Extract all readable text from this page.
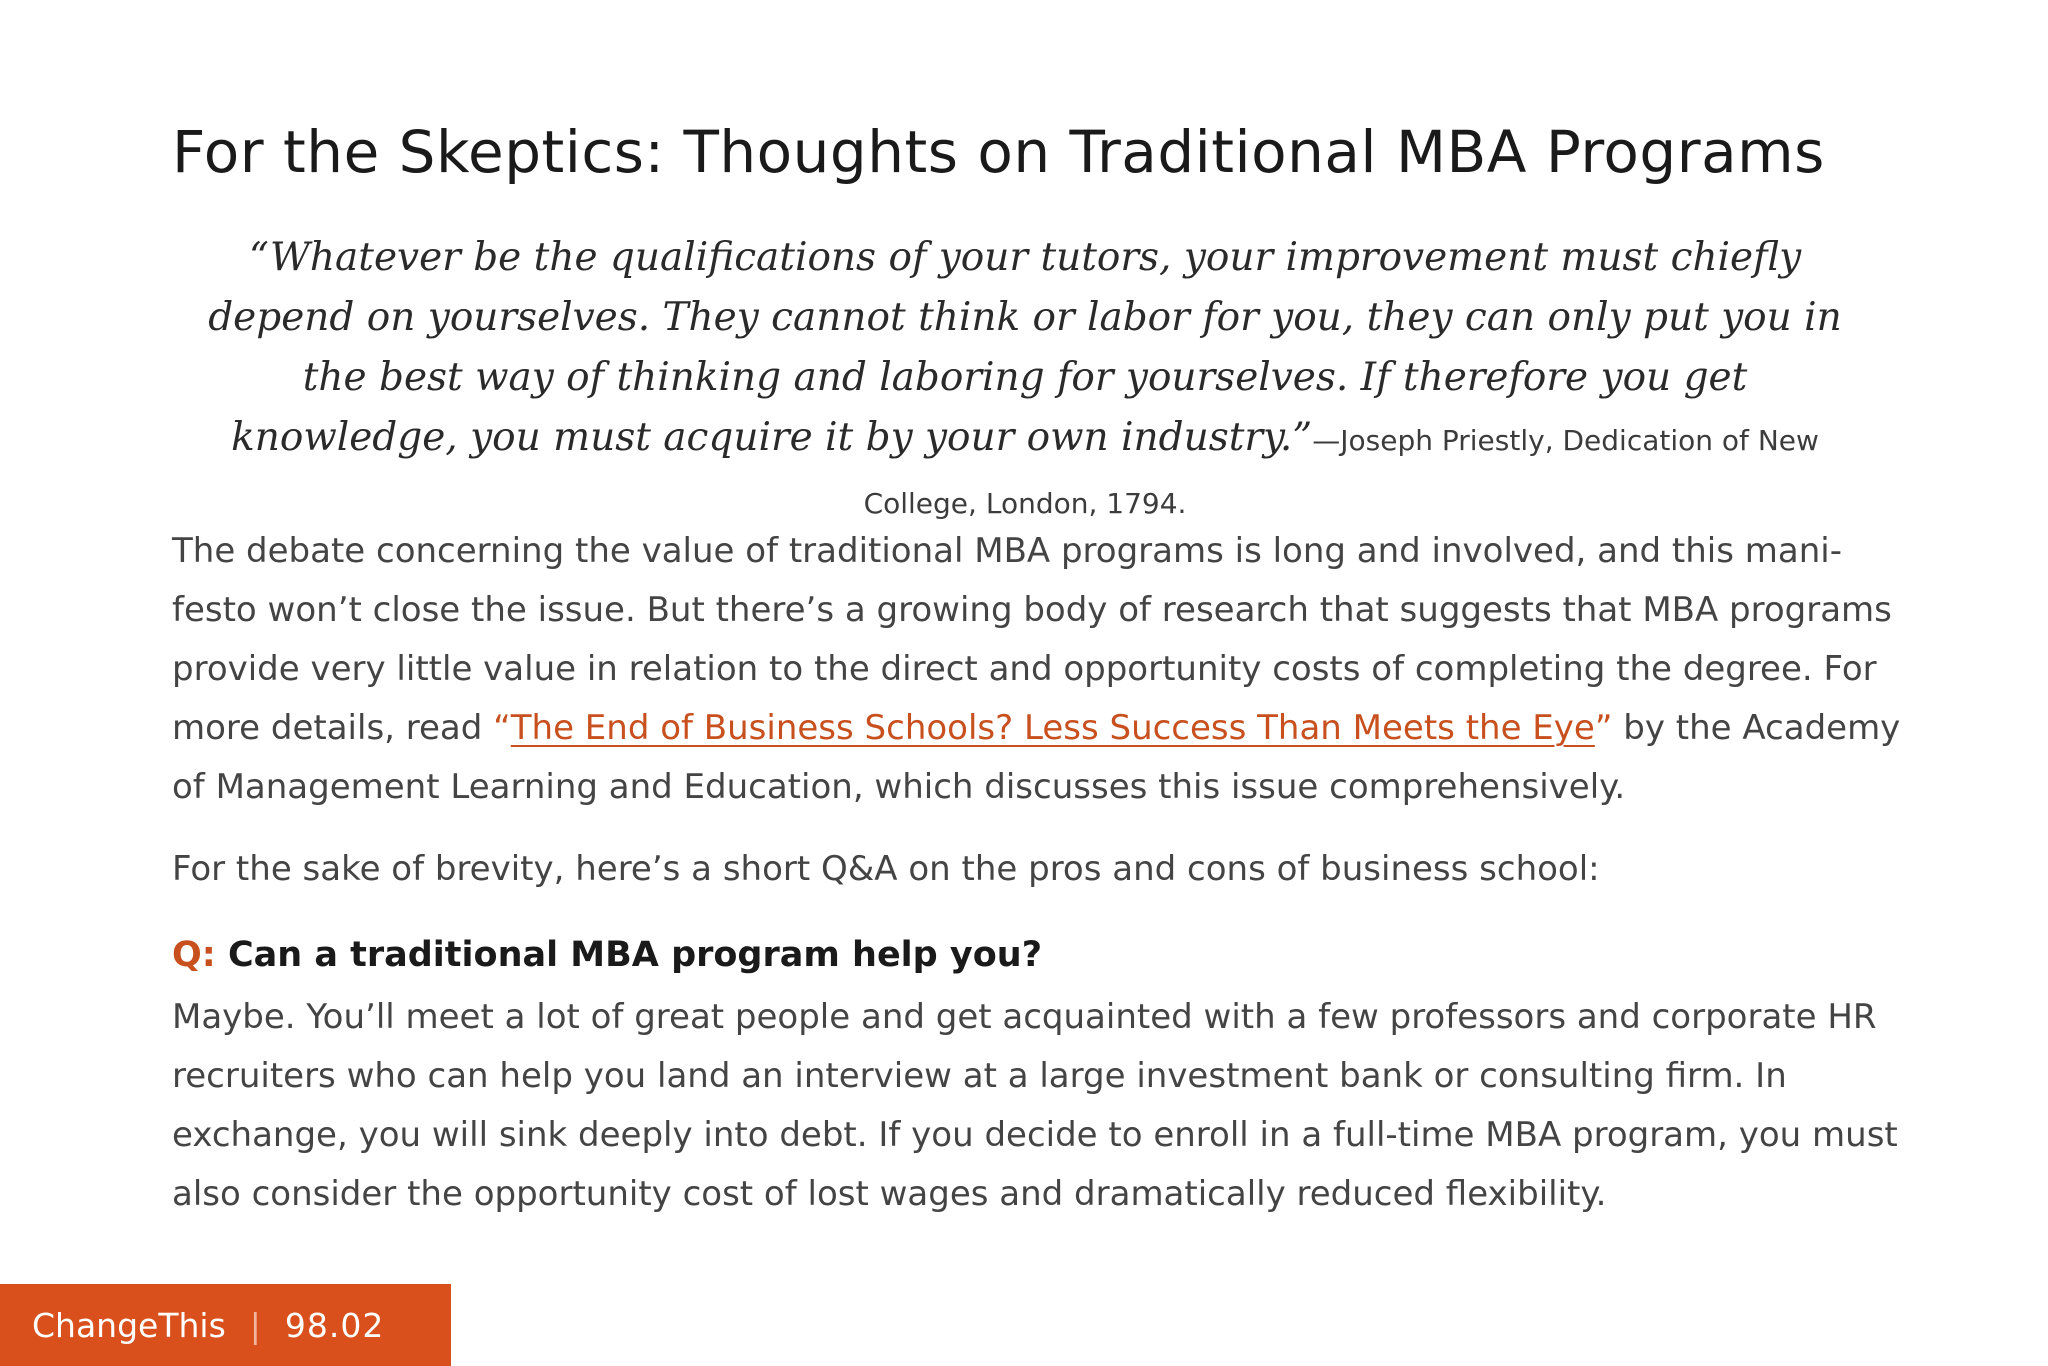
For the Skeptics: Thoughts on Traditional MBA Programs

“Whatever be the qualifications of your tutors, your improvement must chiefly depend on yourselves. They cannot think or labor for you, they can only put you in the best way of thinking and laboring for yourselves. If therefore you get knowledge, you must acquire it by your own industry.”—Joseph Priestly, Dedication of New College, London, 1794.

The debate concerning the value of traditional MBA programs is long and involved, and this mani- festo won’t close the issue. But there’s a growing body of research that suggests that MBA programs provide very little value in relation to the direct and opportunity costs of completing the degree. For more details, read “The End of Business Schools? Less Success Than Meets the Eye” by the Academy of Management Learning and Education, which discusses this issue comprehensively.

For the sake of brevity, here’s a short Q&A on the pros and cons of business school:

Q: Can a traditional MBA program help you?

Maybe. You’ll meet a lot of great people and get acquainted with a few professors and corporate HR recruiters who can help you land an interview at a large investment bank or consulting firm. In exchange, you will sink deeply into debt. If you decide to enroll in a full-time MBA program, you must also consider the opportunity cost of lost wages and dramatically reduced flexibility.

ChangeThis | 98.02
